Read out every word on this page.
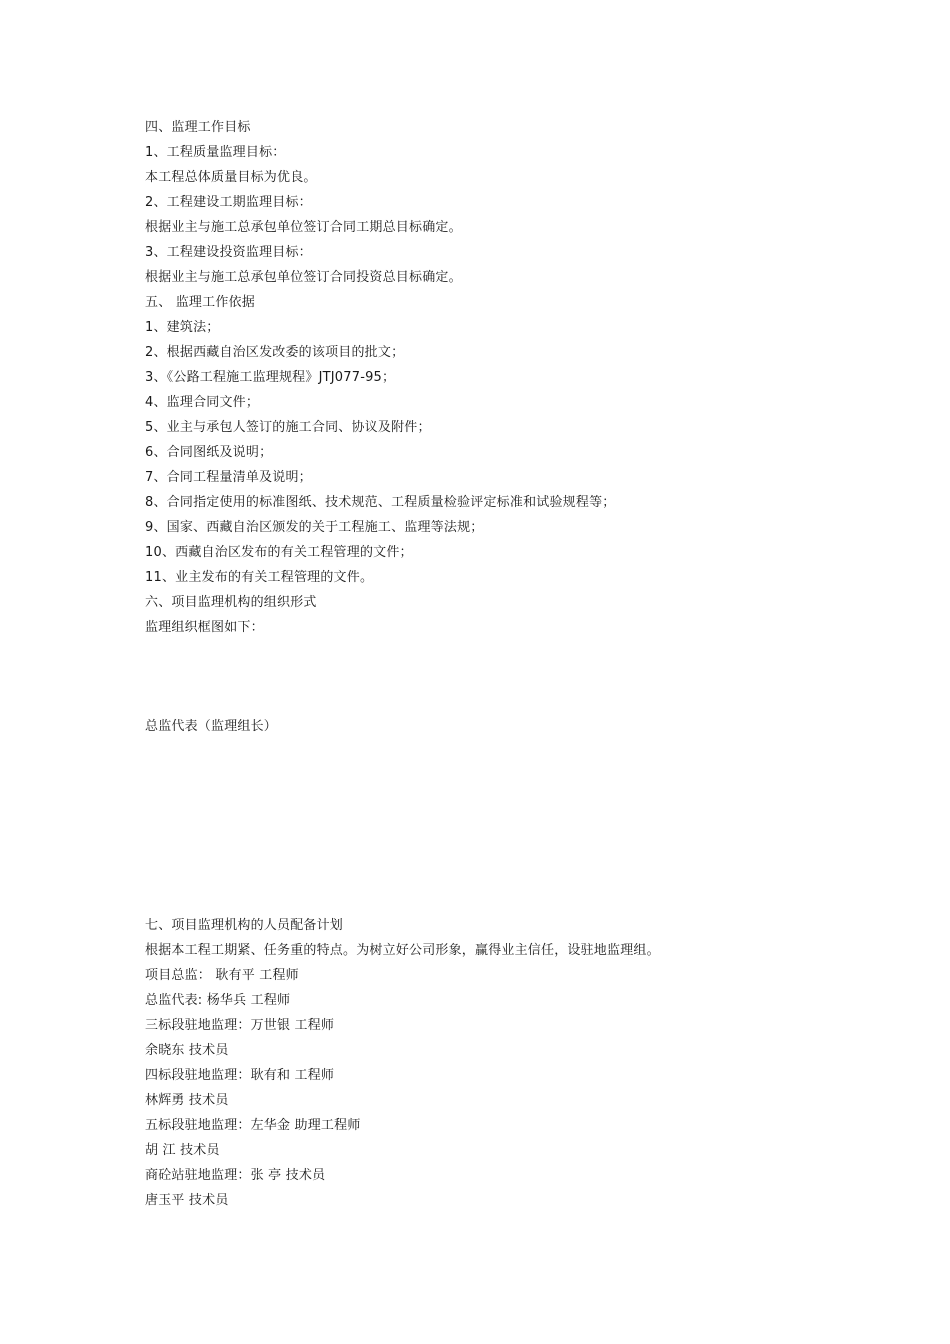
四、监理工作目标
1、工程质量监理目标：
本工程总体质量目标为优良。
2、工程建设工期监理目标：
根据业主与施工总承包单位签订合同工期总目标确定。
3、工程建设投资监理目标：
根据业主与施工总承包单位签订合同投资总目标确定。
五、 监理工作依据
1、建筑法；
2、根据西藏自治区发改委的该项目的批文；
3、《公路工程施工监理规程》JTJ077-95；
4、监理合同文件；
5、业主与承包人签订的施工合同、协议及附件；
6、合同图纸及说明；
7、合同工程量清单及说明；
8、合同指定使用的标准图纸、技术规范、工程质量检验评定标准和试验规程等；
9、国家、西藏自治区颁发的关于工程施工、监理等法规；
10、西藏自治区发布的有关工程管理的文件；
11、业主发布的有关工程管理的文件。
六、项目监理机构的组织形式
监理组织框图如下：
总监代表（监理组长）
七、项目监理机构的人员配备计划
根据本工程工期紧、任务重的特点。为树立好公司形象，赢得业主信任，设驻地监理组。
项目总监： 耿有平 工程师
总监代表: 杨华兵 工程师
三标段驻地监理：万世银 工程师
余晓东 技术员
四标段驻地监理：耿有和 工程师
林辉勇 技术员
五标段驻地监理：左华金 助理工程师
胡 江 技术员
商砼站驻地监理：张 亭 技术员
唐玉平 技术员
